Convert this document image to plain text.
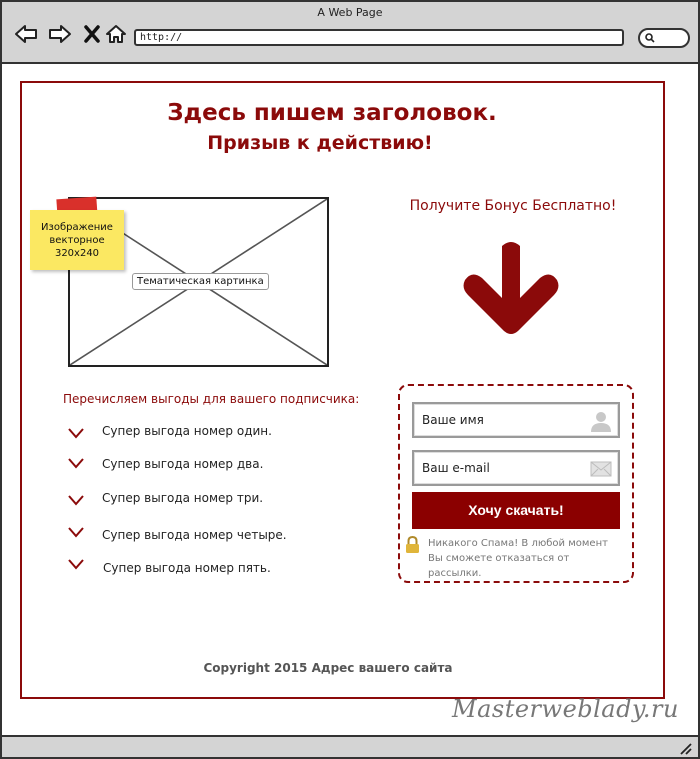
A Web Page
http://
Здесь пишем заголовок.
Призыв к действию!
Тематическая картинка
Изображение
векторное
320x240
Получите Бонус Бесплатно!
Ваше имя
Ваш e-mail
Хочу скачать!
Никакого Спама! В любой момент Вы сможете отказаться от рассылки.
Перечисляем выгоды для вашего подписчика:
Супер выгода номер один.
Супер выгода номер два.
Супер выгода номер три.
Супер выгода номер четыре.
Супер выгода номер пять.
Copyright 2015 Адрес вашего сайта
Masterweblady.ru
